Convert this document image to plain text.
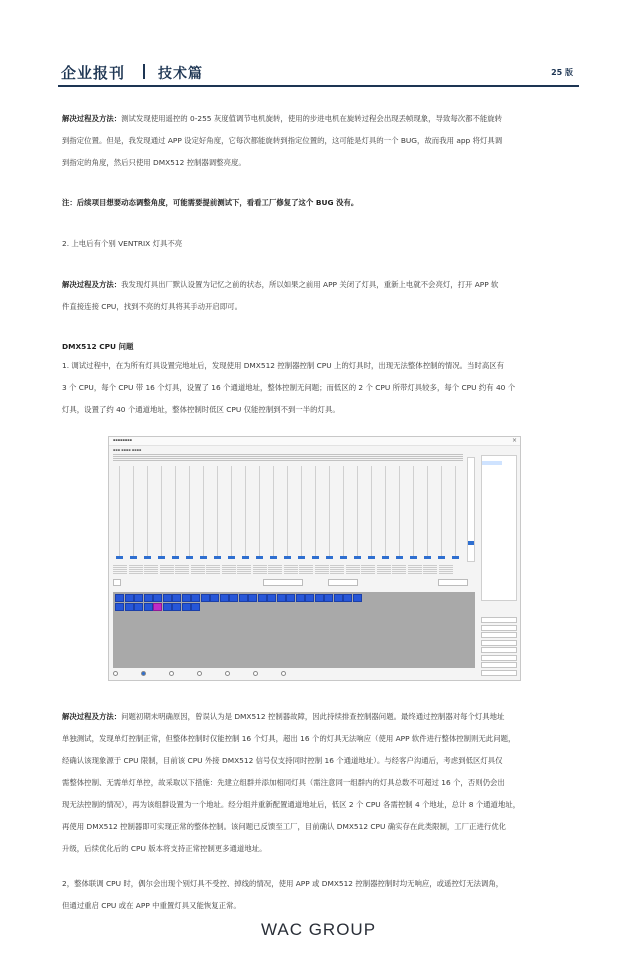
企业报刊 技术篇	25 版
解决过程及方法：测试发现使用遥控的 0-255 灰度值调节电机旋转，使用的步进电机在旋转过程会出现丢帧现象，导致每次都不能旋转
到指定位置。但是，我发现通过 APP 设定好角度，它每次都能旋转到指定位置的，这可能是灯具的一个 BUG，故而我用 app 将灯具调
到指定的角度，然后只使用 DMX512 控制器调整亮度。
注：后续项目想要动态调整角度，可能需要提前测试下，看看工厂修复了这个 BUG 没有。
2. 上电后有个别 VENTRIX 灯具不亮
解决过程及方法：我发现灯具出厂默认设置为记忆之前的状态，所以如果之前用 APP 关闭了灯具，重新上电就不会亮灯，打开 APP 软
件直接连接 CPU，找到不亮的灯具将其手动开启即可。
DMX512 CPU 问题
1. 调试过程中，在为所有灯具设置完地址后，发现使用 DMX512 控制器控制 CPU 上的灯具时，出现无法整体控制的情况。当时高区有
3 个 CPU，每个 CPU 带 16 个灯具，设置了 16 个通道地址，整体控制无问题；而低区的 2 个 CPU 所带灯具较多，每个 CPU 约有 40 个
灯具，设置了约 40 个通道地址，整体控制时低区 CPU 仅能控制到不到一半的灯具。
▪▪▪▪▪▪▪▪	×
▪▪▪ ▪▪▪▪ ▪▪▪▪
解决过程及方法：问题初期未明确原因，曾误认为是 DMX512 控制器故障，因此持续排查控制器问题。最终通过控制器对每个灯具地址
单独测试，发现单灯控制正常，但整体控制时仅能控制 16 个灯具，超出 16 个的灯具无法响应（使用 APP 软件进行整体控制则无此问题，
经确认该现象源于 CPU 限制，目前该 CPU 外接 DMX512 信号仅支持同时控制 16 个通道地址）。与经客户沟通后，考虑到低区灯具仅
需整体控制、无需单灯单控，故采取以下措施：先建立组群并添加相同灯具（需注意同一组群内的灯具总数不可超过 16 个，否则仍会出
现无法控制的情况），再为该组群设置为一个地址。经分组并重新配置通道地址后，低区 2 个 CPU 各需控制 4 个地址，总计 8 个通道地址，
再使用 DMX512 控制器即可实现正常的整体控制。该问题已反馈至工厂，目前确认 DMX512 CPU 确实存在此类限制，工厂正进行优化
升级，后续优化后的 CPU 版本将支持正常控制更多通道地址。
2，整体联调 CPU 时，偶尔会出现个别灯具不受控、掉线的情况，使用 APP 或 DMX512 控制器控制时均无响应，或遥控灯无法调角，
但通过重启 CPU 或在 APP 中重置灯具又能恢复正常。
WAC GROUP
